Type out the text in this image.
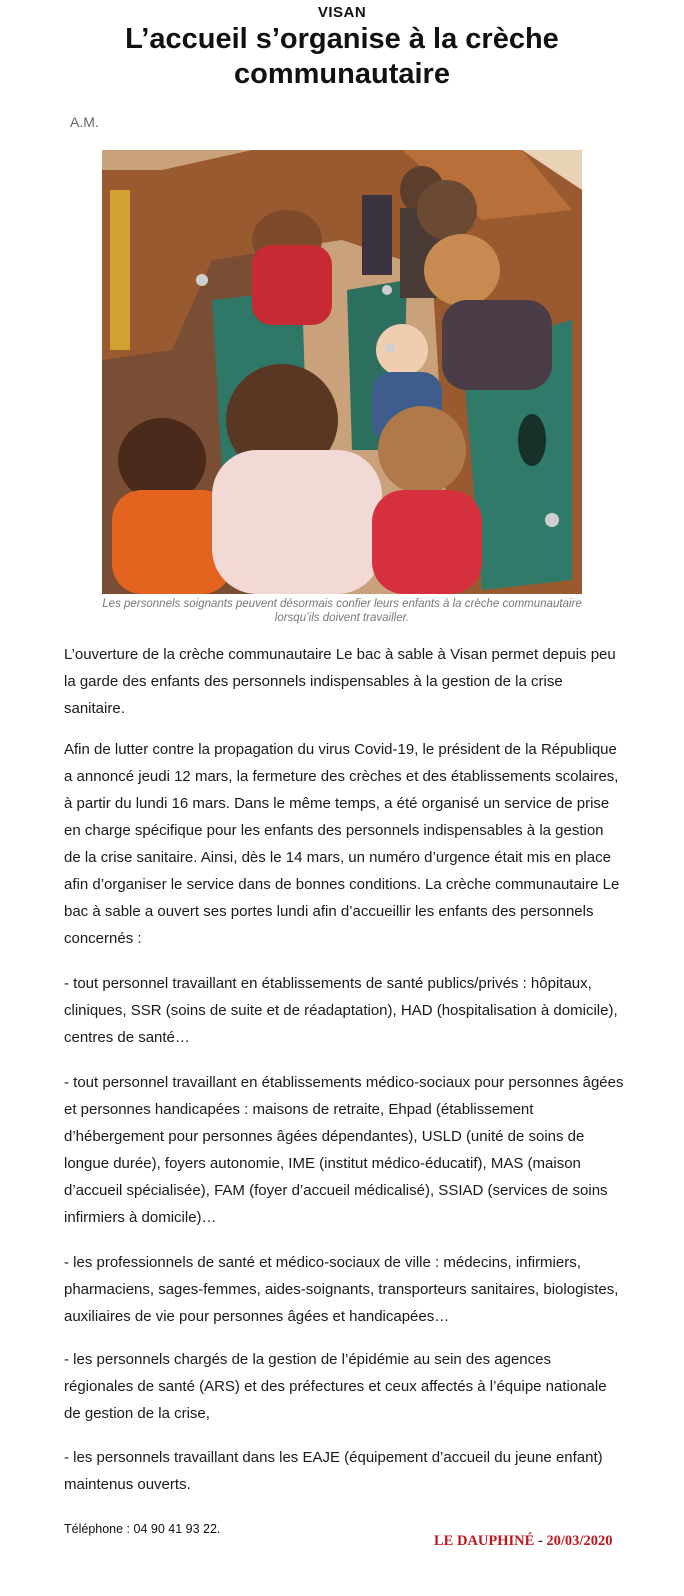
VISAN
L’accueil s’organise à la crèche
communautaire
A.M.
Les personnels soignants peuvent désormais confier leurs enfants à la crèche communautaire
lorsqu’ils doivent travailler.

L’ouverture de la crèche communautaire Le bac à sable à Visan permet depuis peu la garde des enfants des personnels indispensables à la gestion de la crise sanitaire.

Afin de lutter contre la propagation du virus Covid-19, le président de la République a annoncé jeudi 12 mars, la fermeture des crèches et des établissements scolaires, à partir du lundi 16 mars. Dans le même temps, a été organisé un service de prise en charge spécifique pour les enfants des personnels indispensables à la gestion de la crise sanitaire. Ainsi, dès le 14 mars, un numéro d’urgence était mis en place afin d’organiser le service dans de bonnes conditions. La crèche communautaire Le bac à sable a ouvert ses portes lundi afin d’accueillir les enfants des personnels concernés :

- tout personnel travaillant en établissements de santé publics/privés : hôpitaux, cliniques, SSR (soins de suite et de réadaptation), HAD (hospitalisation à domicile), centres de santé…

- tout personnel travaillant en établissements médico-sociaux pour personnes âgées et personnes handicapées : maisons de retraite, Ehpad (établissement d’hébergement pour personnes âgées dépendantes), USLD (unité de soins de longue durée), foyers autonomie, IME (institut médico-éducatif), MAS (maison d’accueil spécialisée), FAM (foyer d’accueil médicalisé), SSIAD (services de soins infirmiers à domicile)…

- les professionnels de santé et médico-sociaux de ville : médecins, infirmiers, pharmaciens, sages-femmes, aides-soignants, transporteurs sanitaires, biologistes, auxiliaires de vie pour personnes âgées et handicapées…

- les personnels chargés de la gestion de l’épidémie au sein des agences régionales de santé (ARS) et des préfectures et ceux affectés à l’équipe nationale de gestion de la crise,

- les personnels travaillant dans les EAJE (équipement d’accueil du jeune enfant) maintenus ouverts.

Téléphone : 04 90 41 93 22.
LE DAUPHINÉ - 20/03/2020
